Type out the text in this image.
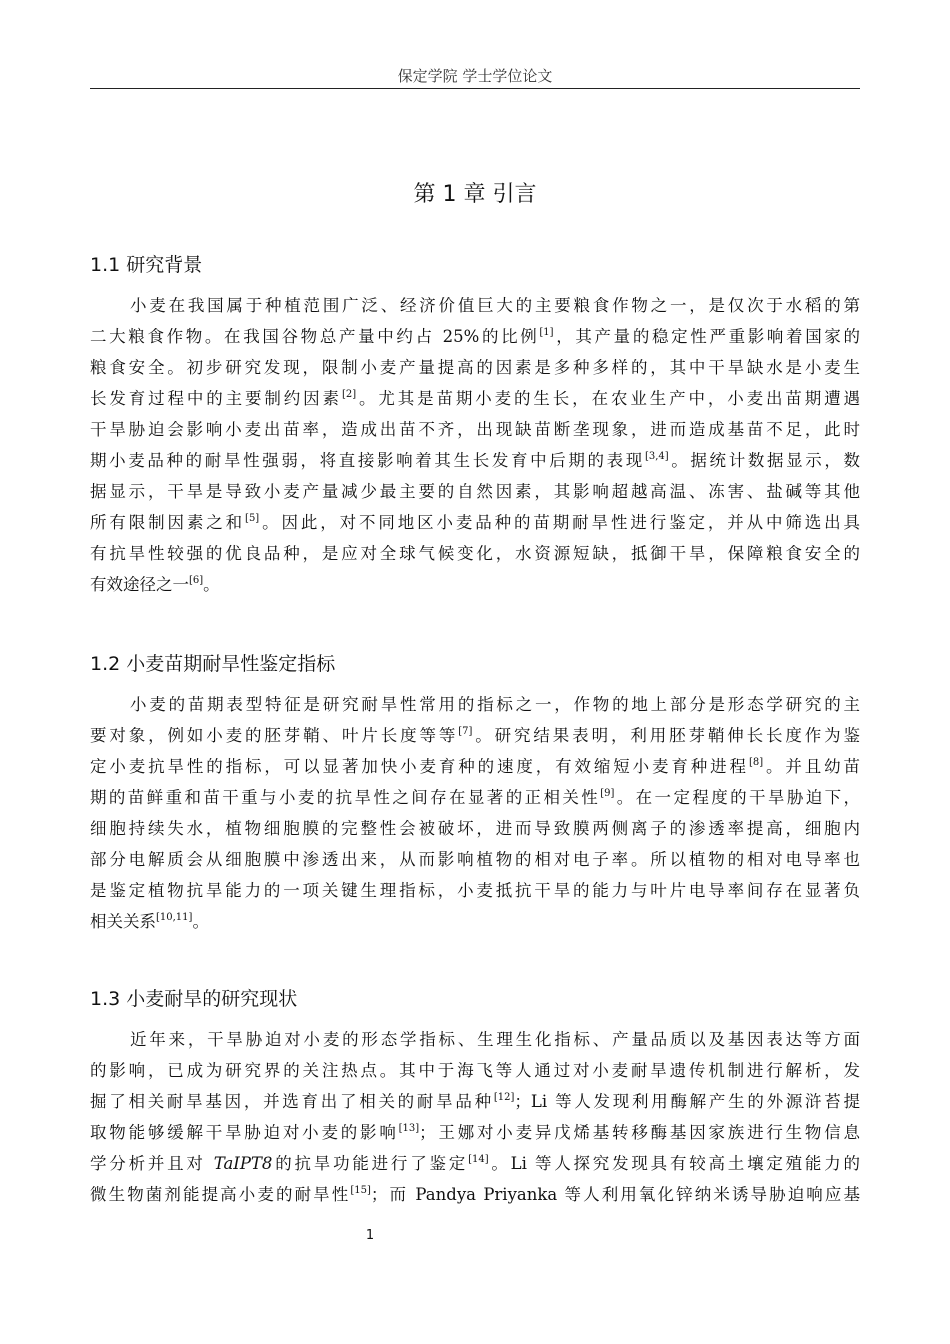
保定学院 学士学位论文
第 1 章 引言
1.1 研究背景
小麦在我国属于种植范围广泛、经济价值巨大的主要粮食作物之一，是仅次于水稻的第
二大粮食作物。在我国谷物总产量中约占 25%的比例[1]，其产量的稳定性严重影响着国家的
粮食安全。初步研究发现，限制小麦产量提高的因素是多种多样的，其中干旱缺水是小麦生
长发育过程中的主要制约因素[2]。尤其是苗期小麦的生长，在农业生产中，小麦出苗期遭遇
干旱胁迫会影响小麦出苗率，造成出苗不齐，出现缺苗断垄现象，进而造成基苗不足，此时
期小麦品种的耐旱性强弱，将直接影响着其生长发育中后期的表现[3,4]。据统计数据显示，数
据显示，干旱是导致小麦产量减少最主要的自然因素，其影响超越高温、冻害、盐碱等其他
所有限制因素之和[5]。因此，对不同地区小麦品种的苗期耐旱性进行鉴定，并从中筛选出具
有抗旱性较强的优良品种，是应对全球气候变化，水资源短缺，抵御干旱，保障粮食安全的
有效途径之一[6]。
1.2 小麦苗期耐旱性鉴定指标
小麦的苗期表型特征是研究耐旱性常用的指标之一，作物的地上部分是形态学研究的主
要对象，例如小麦的胚芽鞘、叶片长度等等[7]。研究结果表明，利用胚芽鞘伸长长度作为鉴
定小麦抗旱性的指标，可以显著加快小麦育种的速度，有效缩短小麦育种进程[8]。并且幼苗
期的苗鲜重和苗干重与小麦的抗旱性之间存在显著的正相关性[9]。在一定程度的干旱胁迫下，
细胞持续失水，植物细胞膜的完整性会被破坏，进而导致膜两侧离子的渗透率提高，细胞内
部分电解质会从细胞膜中渗透出来，从而影响植物的相对电子率。所以植物的相对电导率也
是鉴定植物抗旱能力的一项关键生理指标，小麦抵抗干旱的能力与叶片电导率间存在显著负
相关关系[10,11]。
1.3 小麦耐旱的研究现状
近年来，干旱胁迫对小麦的形态学指标、生理生化指标、产量品质以及基因表达等方面
的影响，已成为研究界的关注热点。其中于海飞等人通过对小麦耐旱遗传机制进行解析，发
掘了相关耐旱基因，并选育出了相关的耐旱品种[12]；Li 等人发现利用酶解产生的外源浒苔提
取物能够缓解干旱胁迫对小麦的影响[13]；王娜对小麦异戊烯基转移酶基因家族进行生物信息
学分析并且对 TaIPT8的抗旱功能进行了鉴定[14]。Li 等人探究发现具有较高土壤定殖能力的
微生物菌剂能提高小麦的耐旱性[15]；而 Pandya Priyanka 等人利用氧化锌纳米诱导胁迫响应基
1
